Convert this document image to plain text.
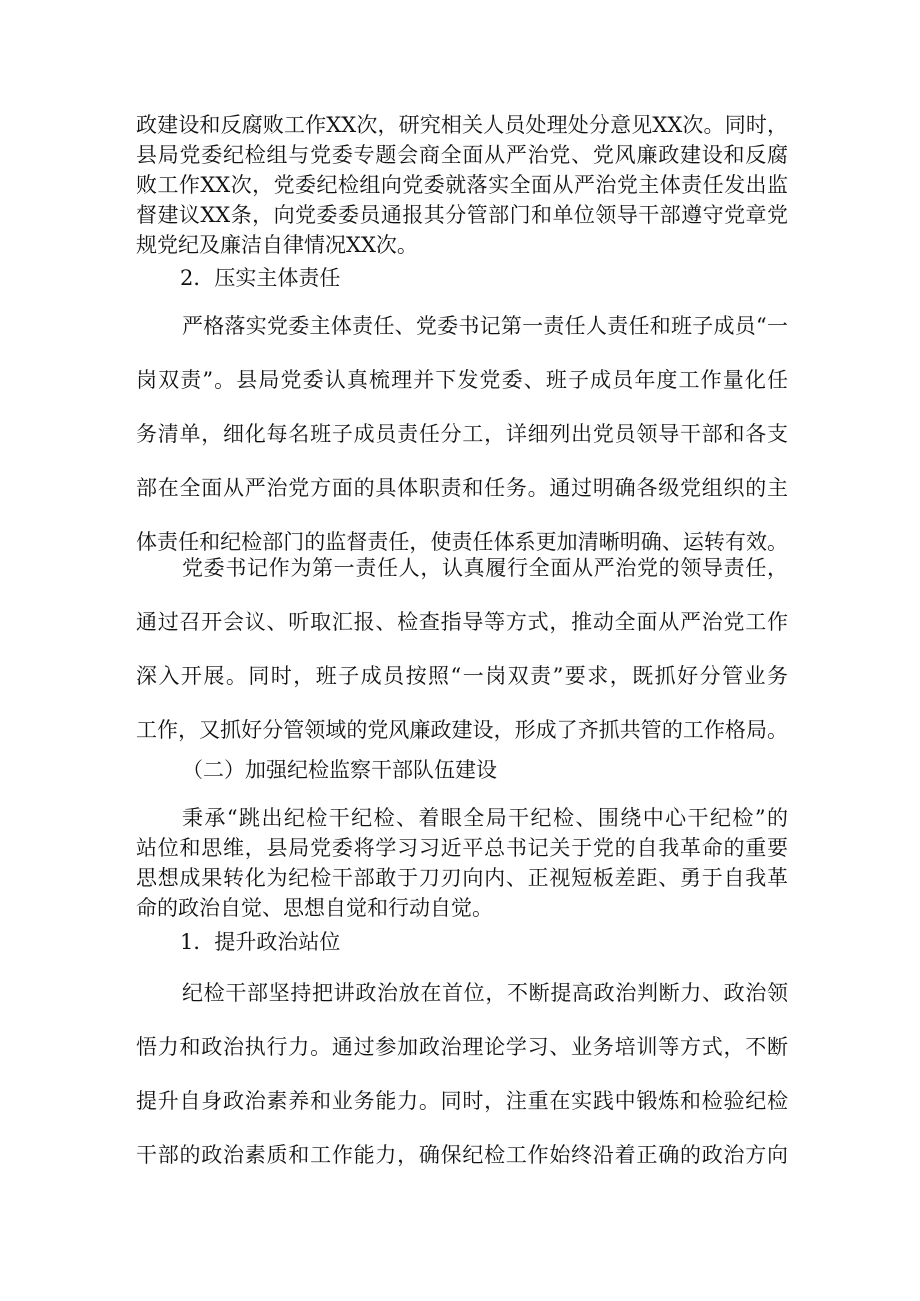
政建设和反腐败工作XX次，研究相关人员处理处分意见XX次。同时，
县局党委纪检组与党委专题会商全面从严治党、党风廉政建设和反腐
败工作XX次，党委纪检组向党委就落实全面从严治党主体责任发出监
督建议XX条，向党委委员通报其分管部门和单位领导干部遵守党章党
规党纪及廉洁自律情况XX次。
2．压实主体责任
严格落实党委主体责任、党委书记第一责任人责任和班子成员“一
岗双责”。县局党委认真梳理并下发党委、班子成员年度工作量化任
务清单，细化每名班子成员责任分工，详细列出党员领导干部和各支
部在全面从严治党方面的具体职责和任务。通过明确各级党组织的主
体责任和纪检部门的监督责任，使责任体系更加清晰明确、运转有效。
党委书记作为第一责任人，认真履行全面从严治党的领导责任，
通过召开会议、听取汇报、检查指导等方式，推动全面从严治党工作
深入开展。同时，班子成员按照“一岗双责”要求，既抓好分管业务
工作，又抓好分管领域的党风廉政建设，形成了齐抓共管的工作格局。
（二）加强纪检监察干部队伍建设
秉承“跳出纪检干纪检、着眼全局干纪检、围绕中心干纪检”的
站位和思维，县局党委将学习习近平总书记关于党的自我革命的重要
思想成果转化为纪检干部敢于刀刃向内、正视短板差距、勇于自我革
命的政治自觉、思想自觉和行动自觉。
1．提升政治站位
纪检干部坚持把讲政治放在首位，不断提高政治判断力、政治领
悟力和政治执行力。通过参加政治理论学习、业务培训等方式，不断
提升自身政治素养和业务能力。同时，注重在实践中锻炼和检验纪检
干部的政治素质和工作能力，确保纪检工作始终沿着正确的政治方向
